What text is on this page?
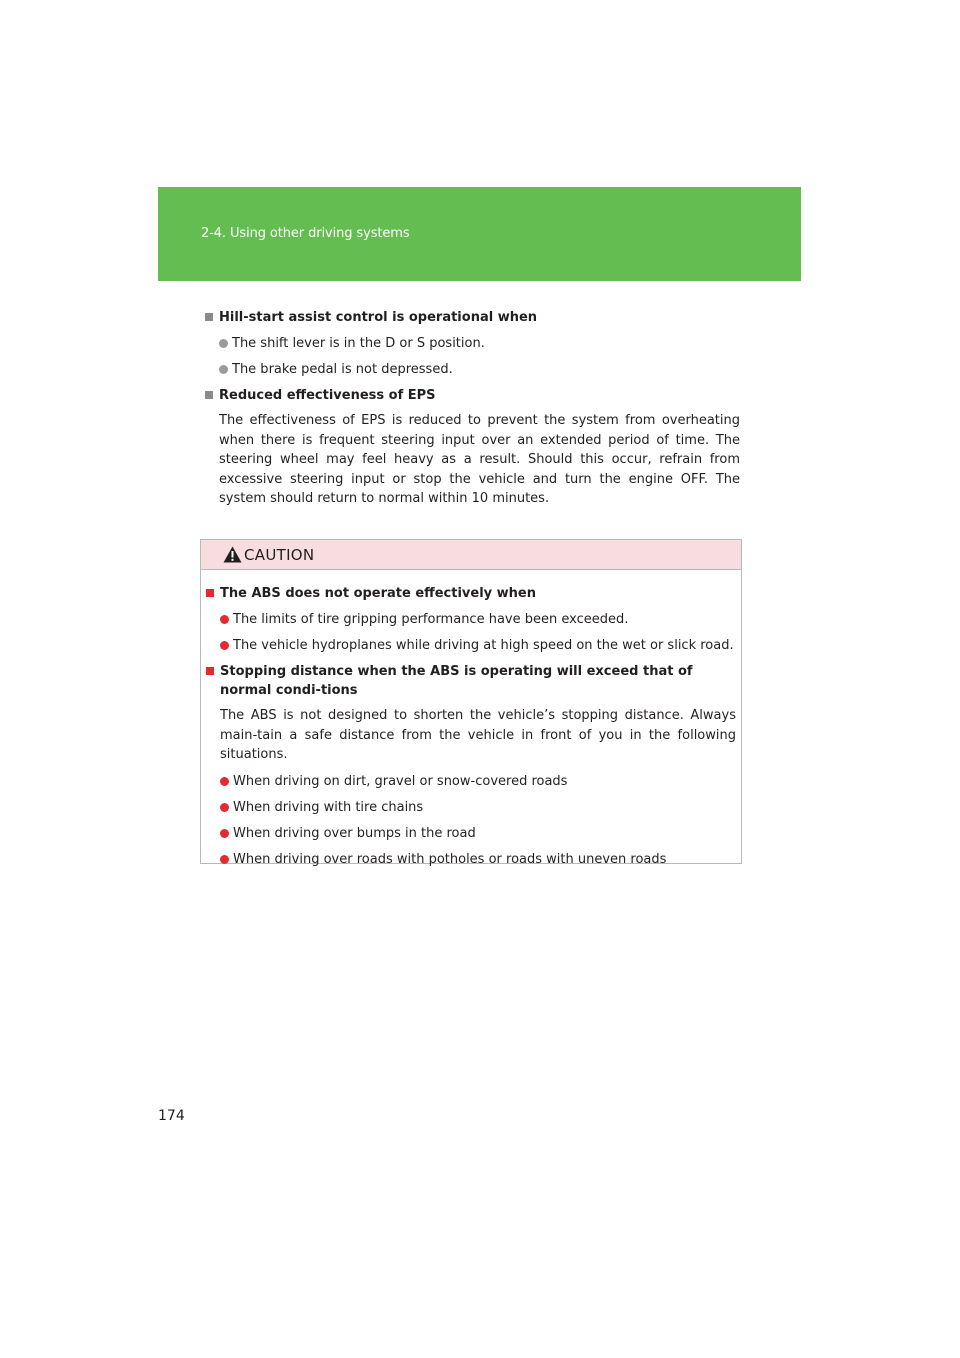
2-4. Using other driving systems
Hill-start assist control is operational when
The shift lever is in the D or S position.
The brake pedal is not depressed.
Reduced effectiveness of EPS

The effectiveness of EPS is reduced to prevent the system from overheating when there is frequent steering input over an extended period of time. The steering wheel may feel heavy as a result. Should this occur, refrain from excessive steering input or stop the vehicle and turn the engine OFF. The system should return to normal within 10 minutes.

CAUTION
The ABS does not operate effectively when
The limits of tire gripping performance have been exceeded.
The vehicle hydroplanes while driving at high speed on the wet or slick road.
Stopping distance when the ABS is operating will exceed that of normal condi-tions

The ABS is not designed to shorten the vehicle’s stopping distance. Always main-tain a safe distance from the vehicle in front of you in the following situations.

When driving on dirt, gravel or snow-covered roads
When driving with tire chains
When driving over bumps in the road
When driving over roads with potholes or roads with uneven roads
174
